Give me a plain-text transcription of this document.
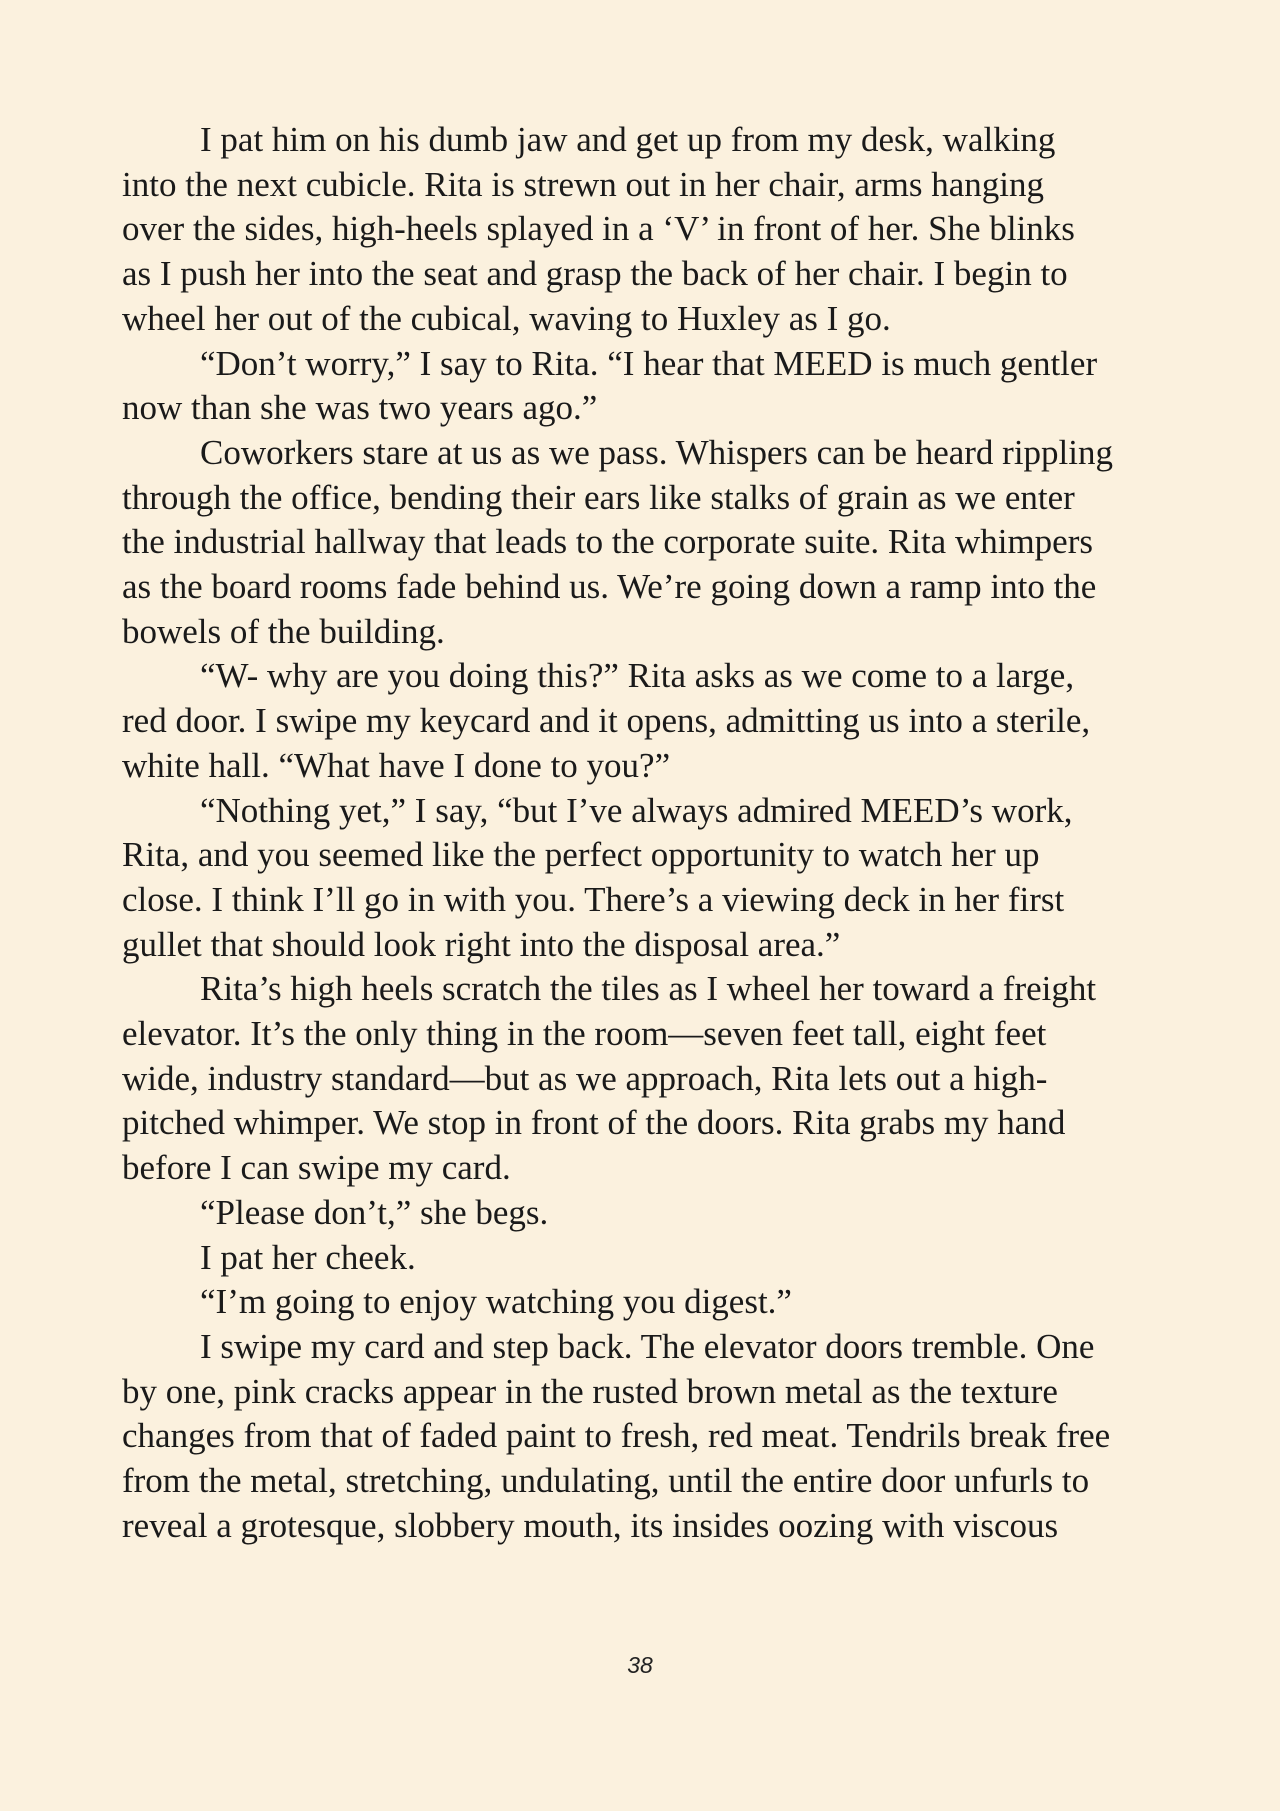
I pat him on his dumb jaw and get up from my desk, walking
into the next cubicle. Rita is strewn out in her chair, arms hanging
over the sides, high-heels splayed in a ‘V’ in front of her. She blinks
as I push her into the seat and grasp the back of her chair. I begin to
wheel her out of the cubical, waving to Huxley as I go.

“Don’t worry,” I say to Rita. “I hear that MEED is much gentler
now than she was two years ago.”

Coworkers stare at us as we pass. Whispers can be heard rippling
through the office, bending their ears like stalks of grain as we enter
the industrial hallway that leads to the corporate suite. Rita whimpers
as the board rooms fade behind us. We’re going down a ramp into the
bowels of the building.

“W- why are you doing this?” Rita asks as we come to a large,
red door. I swipe my keycard and it opens, admitting us into a sterile,
white hall. “What have I done to you?”

“Nothing yet,” I say, “but I’ve always admired MEED’s work,
Rita, and you seemed like the perfect opportunity to watch her up
close. I think I’ll go in with you. There’s a viewing deck in her first
gullet that should look right into the disposal area.”

Rita’s high heels scratch the tiles as I wheel her toward a freight
elevator. It’s the only thing in the room—seven feet tall, eight feet
wide, industry standard—but as we approach, Rita lets out a high-
pitched whimper. We stop in front of the doors. Rita grabs my hand
before I can swipe my card.

“Please don’t,” she begs.

I pat her cheek.

“I’m going to enjoy watching you digest.”

I swipe my card and step back. The elevator doors tremble. One
by one, pink cracks appear in the rusted brown metal as the texture
changes from that of faded paint to fresh, red meat. Tendrils break free
from the metal, stretching, undulating, until the entire door unfurls to
reveal a grotesque, slobbery mouth, its insides oozing with viscous

38
